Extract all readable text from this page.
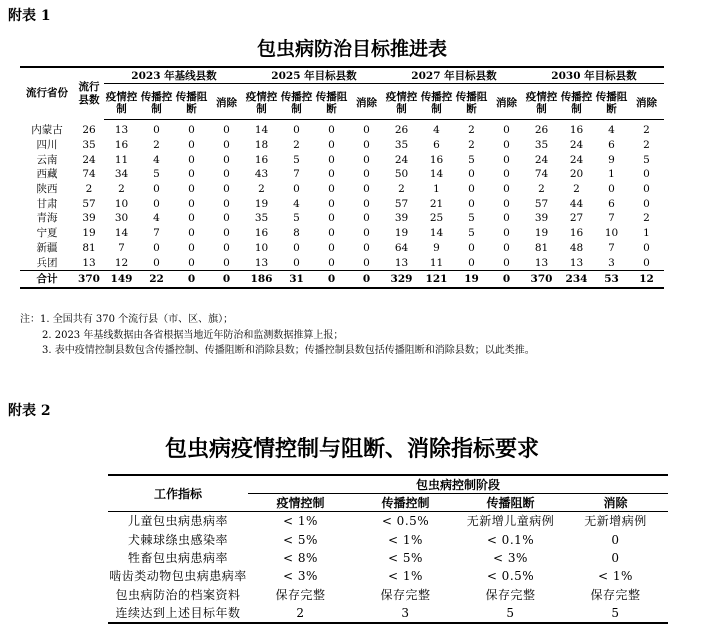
附表 1
包虫病防治目标推进表
流行省份	流行县数	2023 年基线县数				2025 年目标县数				2027 年目标县数				2030 年目标县数			
		疫情控制	传播控制	传播阻断	消除	疫情控制	传播控制	传播阻断	消除	疫情控制	传播控制	传播阻断	消除	疫情控制	传播控制	传播阻断	消除
内蒙古	26	13	0	0	0	14	0	0	0	26	4	2	0	26	16	4	2
四川	35	16	2	0	0	18	2	0	0	35	6	2	0	35	24	6	2
云南	24	11	4	0	0	16	5	0	0	24	16	5	0	24	24	9	5
西藏	74	34	5	0	0	43	7	0	0	50	14	0	0	74	20	1	0
陕西	2	2	0	0	0	2	0	0	0	2	1	0	0	2	2	0	0
甘肃	57	10	0	0	0	19	4	0	0	57	21	0	0	57	44	6	0
青海	39	30	4	0	0	35	5	0	0	39	25	5	0	39	27	7	2
宁夏	19	14	7	0	0	16	8	0	0	19	14	5	0	19	16	10	1
新疆	81	7	0	0	0	10	0	0	0	64	9	0	0	81	48	7	0
兵团	13	12	0	0	0	13	0	0	0	13	11	0	0	13	13	3	0
合计	370	149	22	0	0	186	31	0	0	329	121	19	0	370	234	53	12
注：1. 全国共有 370 个流行县（市、区、旗）；
2. 2023 年基线数据由各省根据当地近年防治和监测数据推算上报；
3. 表中疫情控制县数包含传播控制、传播阻断和消除县数；传播控制县数包括传播阻断和消除县数；以此类推。
附表 2
包虫病疫情控制与阻断、消除指标要求
工作指标	包虫病控制阶段			
	疫情控制	传播控制	传播阻断	消除
儿童包虫病患病率	< 1%	< 0.5%	无新增儿童病例	无新增病例
犬棘球绦虫感染率	< 5%	< 1%	< 0.1%	0
牲畜包虫病患病率	< 8%	< 5%	< 3%	0
啮齿类动物包虫病患病率	< 3%	< 1%	< 0.5%	< 1%
包虫病防治的档案资料	保存完整	保存完整	保存完整	保存完整
连续达到上述目标年数	2	3	5	5
